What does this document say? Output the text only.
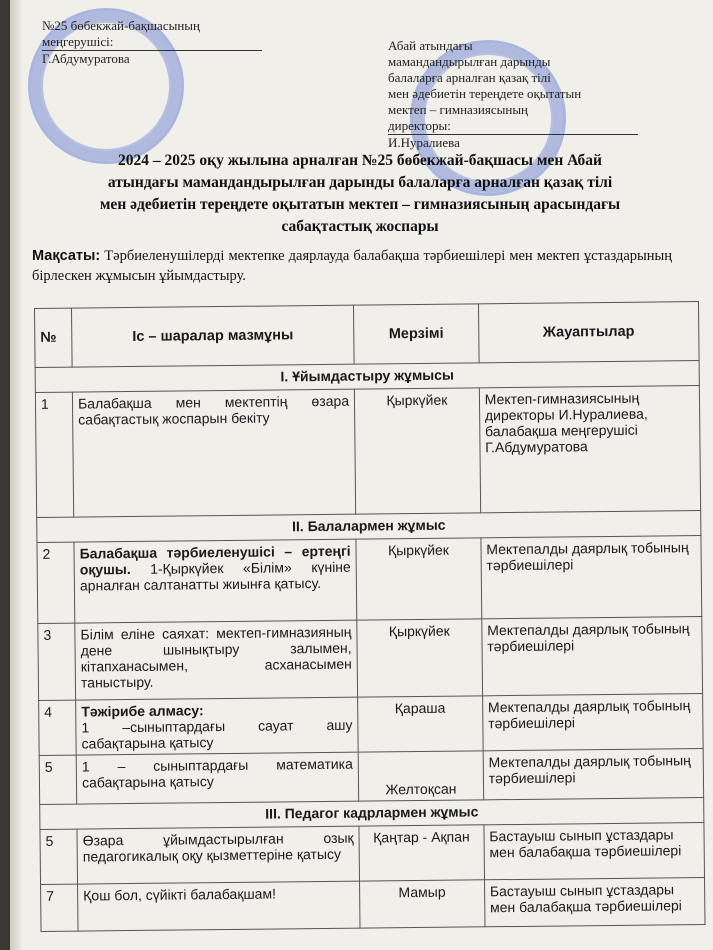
№25 бөбекжай-бақшасының
меңгерушісі:
Г.Абдумуратова
Абай атындағы
мамандандырылған дарынды
балаларға арналған қазақ тілі
мен әдебиетін тереңдете оқытатын
мектеп – гимназиясының
директоры:
И.Нуралиева
2024 – 2025 оқу жылына арналған №25 бөбекжай-бақшасы мен Абай
атындағы мамандандырылған дарынды балаларға арналған қазақ тілі
мен әдебиетін тереңдете оқытатын мектеп – гимназиясының арасындағы
сабақтастық жоспары
Мақсаты: Тәрбиеленушілерді мектепке даярлауда балабақша тәрбиешілері мен мектеп ұстаздарының бірлескен жұмысын ұйымдастыру.
№	Іс – шаралар мазмұны	Мерзімі	Жауаптылар
І. Ұйымдастыру жұмысы			
1	Балабақша мен мектептің өзара сабақтастық жоспарын бекіту	Қыркүйек	Мектеп-гимназиясының директоры И.Нуралиева, балабақша меңгерушісі Г.Абдумуратова
ІІ. Балалармен жұмыс			
2	Балабақша тәрбиеленушісі – ертеңгі оқушы. 1-Қыркүйек «Білім» күніне арналған салтанатты жиынға қатысу.	Қыркүйек	Мектепалды даярлық тобының тәрбиешілері
3	Білім еліне саяхат: мектеп-гимназияның дене шынықтыру залымен, кітапханасымен, асханасымен таныстыру.	Қыркүйек	Мектепалды даярлық тобының тәрбиешілері
4	Тәжірибе алмасу:
1 –сыныптардағы сауат ашу сабақтарына қатысу	Қараша	Мектепалды даярлық тобының тәрбиешілері
5	1 – сыныптардағы математика сабақтарына қатысу	Желтоқсан	Мектепалды даярлық тобының тәрбиешілері
ІІІ. Педагог кадрлармен жұмыс			
5	Өзара ұйымдастырылған озық педагогикалық оқу қызметтеріне қатысу	Қаңтар - Ақпан	Бастауыш сынып ұстаздары мен балабақша тәрбиешілері
7	Қош бол, сүйікті балабақшам!	Мамыр	Бастауыш сынып ұстаздары мен балабақша тәрбиешілері
